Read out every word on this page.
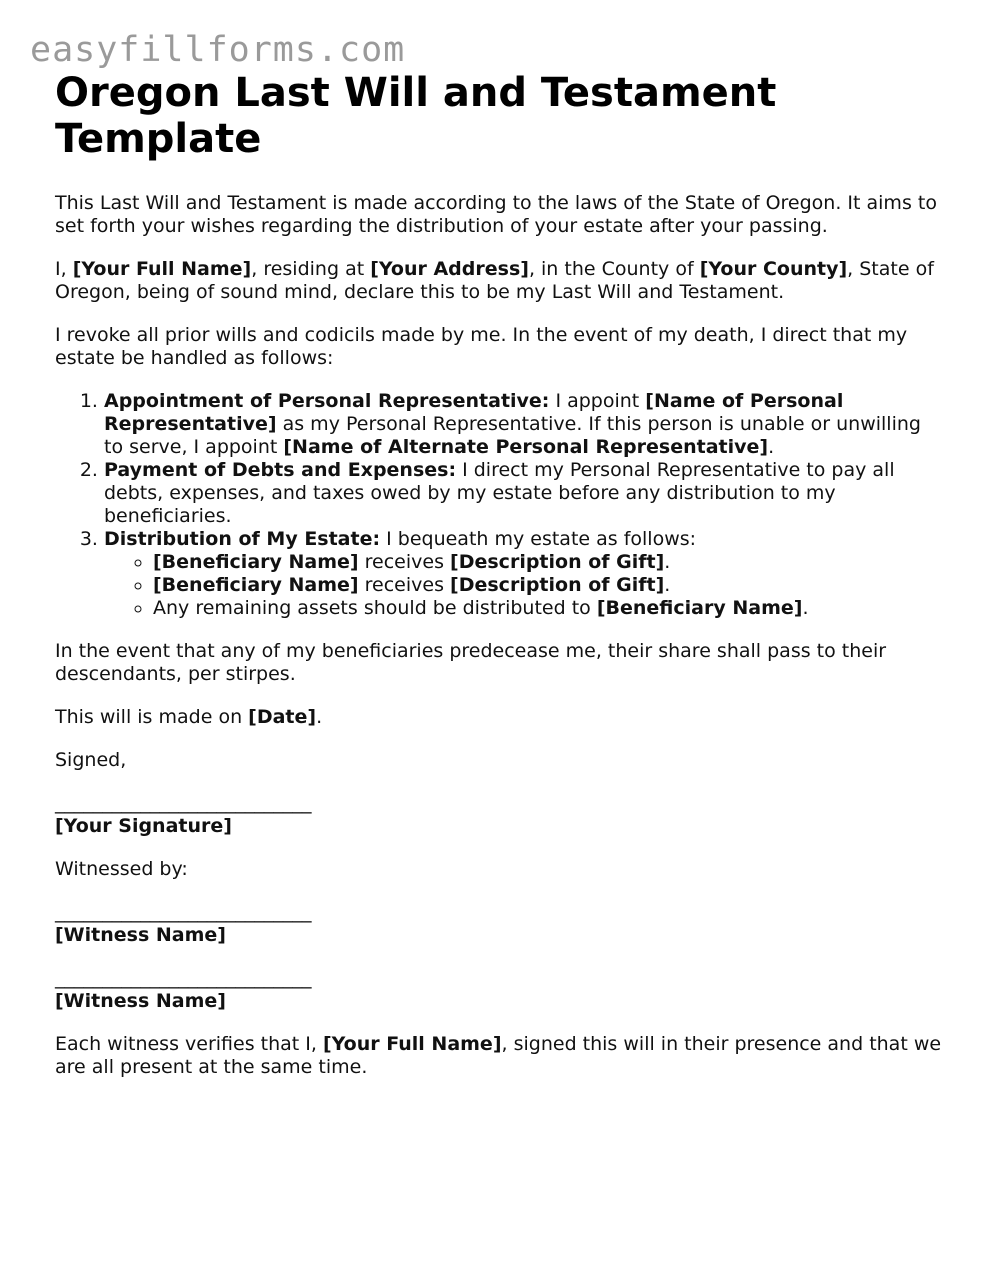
easyfillforms.com
Oregon Last Will and Testament Template

This Last Will and Testament is made according to the laws of the State of Oregon. It aims to set forth your wishes regarding the distribution of your estate after your passing.

I, [Your Full Name], residing at [Your Address], in the County of [Your County], State of Oregon, being of sound mind, declare this to be my Last Will and Testament.

I revoke all prior wills and codicils made by me. In the event of my death, I direct that my estate be handled as follows:

1. Appointment of Personal Representative: I appoint [Name of Personal Representative] as my Personal Representative. If this person is unable or unwilling to serve, I appoint [Name of Alternate Personal Representative].
2. Payment of Debts and Expenses: I direct my Personal Representative to pay all debts, expenses, and taxes owed by my estate before any distribution to my beneficiaries.
3. Distribution of My Estate: I bequeath my estate as follows:
◦ [Beneficiary Name] receives [Description of Gift].
◦ [Beneficiary Name] receives [Description of Gift].
◦ Any remaining assets should be distributed to [Beneficiary Name].

In the event that any of my beneficiaries predecease me, their share shall pass to their descendants, per stirpes.

This will is made on [Date].

Signed,

___________________________
[Your Signature]

Witnessed by:

___________________________
[Witness Name]
___________________________
[Witness Name]

Each witness verifies that I, [Your Full Name], signed this will in their presence and that we are all present at the same time.
